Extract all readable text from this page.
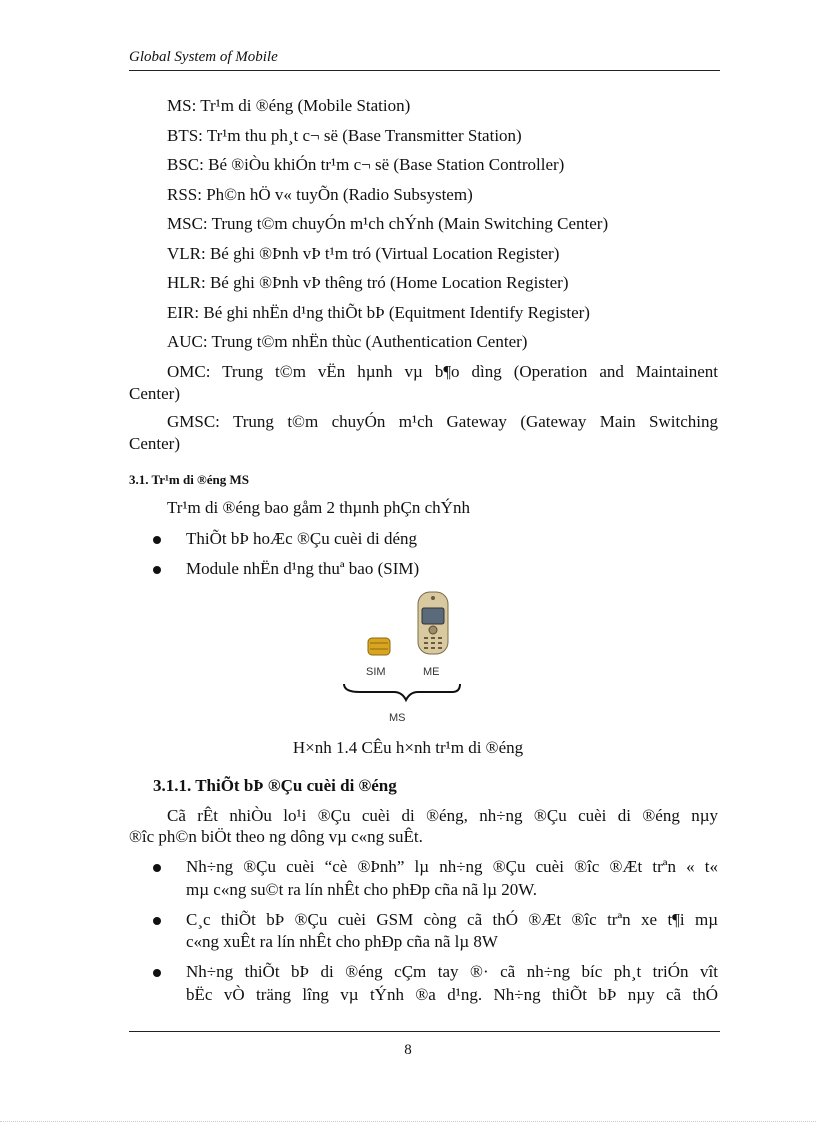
Global System of Mobile
MS: Tr¹m di ®éng (Mobile Station)
BTS: Tr¹m thu ph¸t c¬ së (Base Transmitter Station)
BSC: Bé ®iÒu khiÓn tr¹m c¬ së (Base Station Controller)
RSS: Ph©n hÖ v« tuyÕn (Radio Subsystem)
MSC: Trung t©m chuyÓn m¹ch chÝnh (Main Switching Center)
VLR: Bé ghi ®Þnh vÞ t¹m tró (Virtual Location Register)
HLR: Bé ghi ®Þnh vÞ thêng tró (Home Location Register)
EIR: Bé ghi nhËn d¹ng thiÕt bÞ (Equitment Identify Register)
AUC: Trung t©m nhËn thùc (Authentication Center)
OMC: Trung t©m vËn hµnh vµ b¶o dìng (Operation and Maintainent
Center)
GMSC: Trung t©m chuyÓn m¹ch Gateway (Gateway Main Switching
Center)
3.1. Tr¹m di ®éng MS
Tr¹m di ®éng bao gåm 2 thµnh phÇn chÝnh
ThiÕt bÞ hoÆc ®Çu cuèi di déng
Module nhËn d¹ng thuª bao (SIM)
SIM	ME
MS
H×nh 1.4 CÊu h×nh tr¹m di ®éng
3.1.1. ThiÕt bÞ ®Çu cuèi di ®éng
Cã rÊt nhiÒu lo¹i ®Çu cuèi di ®éng, nh÷ng ®Çu cuèi di ®éng nµy
®îc ph©n biÖt theo ng dông vµ c«ng suÊt.
Nh÷ng ®Çu cuèi “cè ®Þnh” lµ nh÷ng ®Çu cuèi ®îc ®Æt trªn « t«
mµ c«ng su©t ra lín nhÊt cho phÐp cña nã lµ 20W.
C¸c thiÕt bÞ ®Çu cuèi GSM còng cã thÓ ®Æt ®îc trªn xe t¶i mµ
c«ng xuÊt ra lín nhÊt cho phÐp cña nã lµ 8W
Nh÷ng thiÕt bÞ di ®éng cÇm tay ®· cã nh÷ng bíc ph¸t triÓn vît
bËc vÒ träng lîng vµ tÝnh ®a d¹ng. Nh÷ng thiÕt bÞ nµy cã thÓ
8
